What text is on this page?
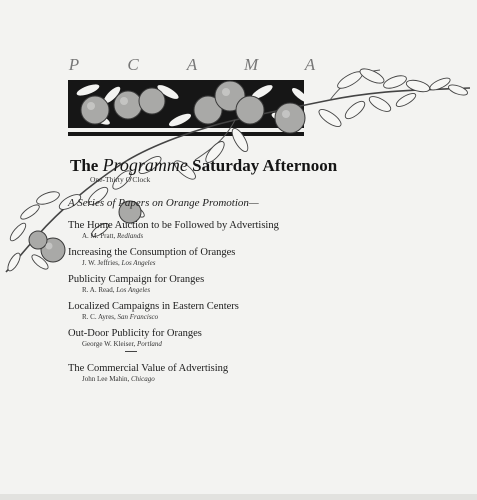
P	C	A	M	A
The Programme Saturday Afternoon
One-Thirty O'Clock
A Series of Papers on Orange Promotion—
The Home Auction to be Followed by Advertising
A. M. Pratt, Redlands
Increasing the Consumption of Oranges
J. W. Jeffries, Los Angeles
Publicity Campaign for Oranges
R. A. Read, Los Angeles
Localized Campaigns in Eastern Centers
R. C. Ayres, San Francisco
Out-Door Publicity for Oranges
George W. Kleiser, Portland
The Commercial Value of Advertising
John Lee Mahin, Chicago
